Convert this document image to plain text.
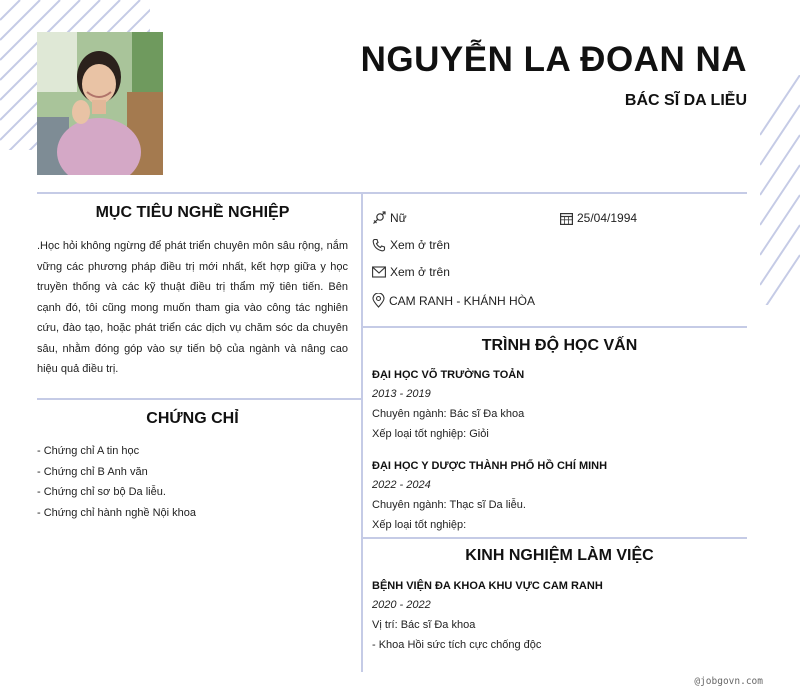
NGUYỄN LA ĐOAN NA
BÁC SĨ DA LIỄU
MỤC TIÊU NGHỀ NGHIỆP
.Học hỏi không ngừng để phát triển chuyên môn sâu rộng, nắm vững các phương pháp điều trị mới nhất, kết hợp giữa y học truyền thống và các kỹ thuật điều trị thẩm mỹ tiên tiến. Bên cạnh đó, tôi cũng mong muốn tham gia vào công tác nghiên cứu, đào tạo, hoặc phát triển các dịch vụ chăm sóc da chuyên sâu, nhằm đóng góp vào sự tiến bộ của ngành và nâng cao hiệu quả điều trị.
CHỨNG CHỈ
- Chứng chỉ A tin học
- Chứng chỉ B Anh văn
- Chứng chỉ sơ bộ Da liễu.
- Chứng chỉ hành nghề Nội khoa
Nữ	25/04/1994
Xem ở trên
Xem ở trên
CAM RANH - KHÁNH HÒA
TRÌNH ĐỘ HỌC VẤN
ĐẠI HỌC VÕ TRƯỜNG TOẢN
2013 - 2019
Chuyên ngành: Bác sĩ Đa khoa
Xếp loại tốt nghiệp: Giỏi
ĐẠI HỌC Y DƯỢC THÀNH PHỐ HỒ CHÍ MINH
2022 - 2024
Chuyên ngành: Thạc sĩ Da liễu.
Xếp loại tốt nghiệp:
KINH NGHIỆM LÀM VIỆC
BỆNH VIỆN ĐA KHOA KHU VỰC CAM RANH
2020 - 2022
Vị trí: Bác sĩ Đa khoa
- Khoa Hồi sức tích cực chống độc
@jobgovn.com
